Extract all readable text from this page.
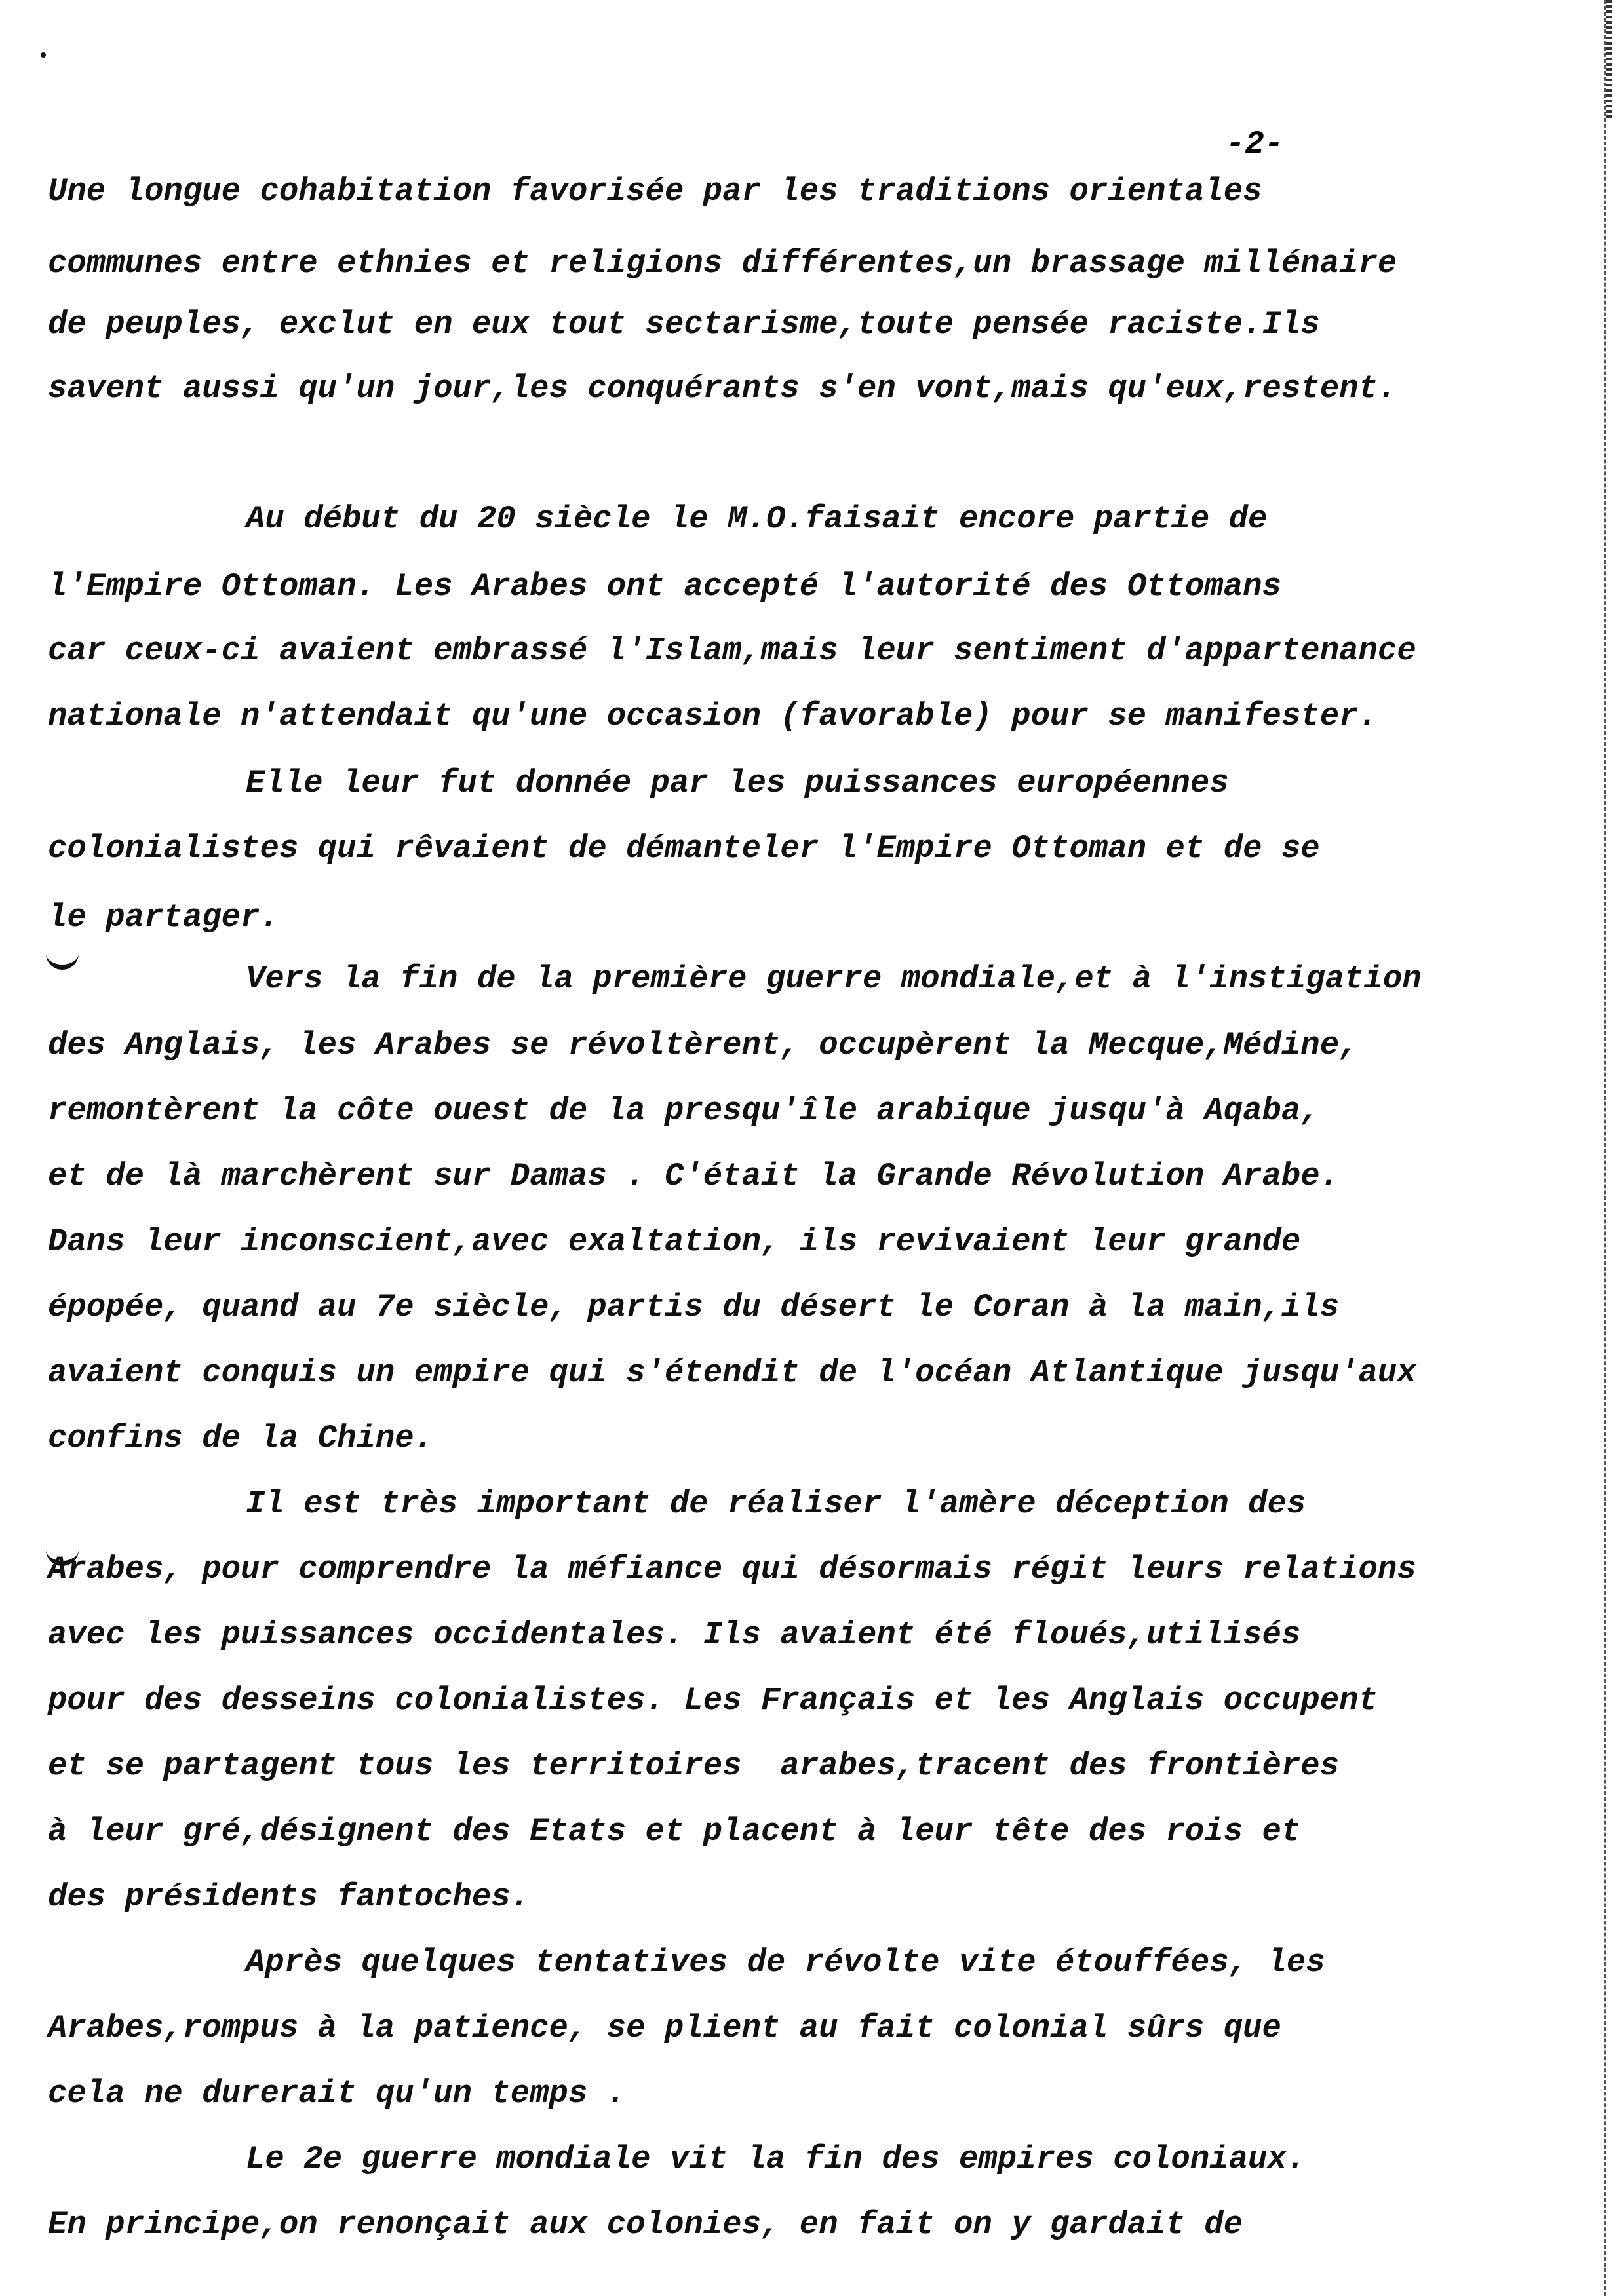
-2-
Une longue cohabitation favorisée par les traditions orientales
communes entre ethnies et religions différentes,un brassage millénaire
de peuples, exclut en eux tout sectarisme,toute pensée raciste.Ils
savent aussi qu'un jour,les conquérants s'en vont,mais qu'eux,restent.
Au début du 20 siècle le M.O.faisait encore partie de
l'Empire Ottoman. Les Arabes ont accepté l'autorité des Ottomans
car ceux-ci avaient embrassé l'Islam,mais leur sentiment d'appartenance
nationale n'attendait qu'une occasion (favorable) pour se manifester.
Elle leur fut donnée par les puissances européennes
colonialistes qui rêvaient de démanteler l'Empire Ottoman et de se
le partager.
Vers la fin de la première guerre mondiale,et à l'instigation
des Anglais, les Arabes se révoltèrent, occupèrent la Mecque,Médine,
remontèrent la côte ouest de la presqu'île arabique jusqu'à Aqaba,
et de là marchèrent sur Damas . C'était la Grande Révolution Arabe.
Dans leur inconscient,avec exaltation, ils revivaient leur grande
épopée, quand au 7e siècle, partis du désert le Coran à la main,ils
avaient conquis un empire qui s'étendit de l'océan Atlantique jusqu'aux
confins de la Chine.
Il est très important de réaliser l'amère déception des
Arabes, pour comprendre la méfiance qui désormais régit leurs relations
avec les puissances occidentales. Ils avaient été floués,utilisés
pour des desseins colonialistes. Les Français et les Anglais occupent
et se partagent tous les territoires  arabes,tracent des frontières
à leur gré,désignent des Etats et placent à leur tête des rois et
des présidents fantoches.
Après quelques tentatives de révolte vite étouffées, les
Arabes,rompus à la patience, se plient au fait colonial sûrs que
cela ne durerait qu'un temps .
Le 2e guerre mondiale vit la fin des empires coloniaux.
En principe,on renonçait aux colonies, en fait on y gardait de
